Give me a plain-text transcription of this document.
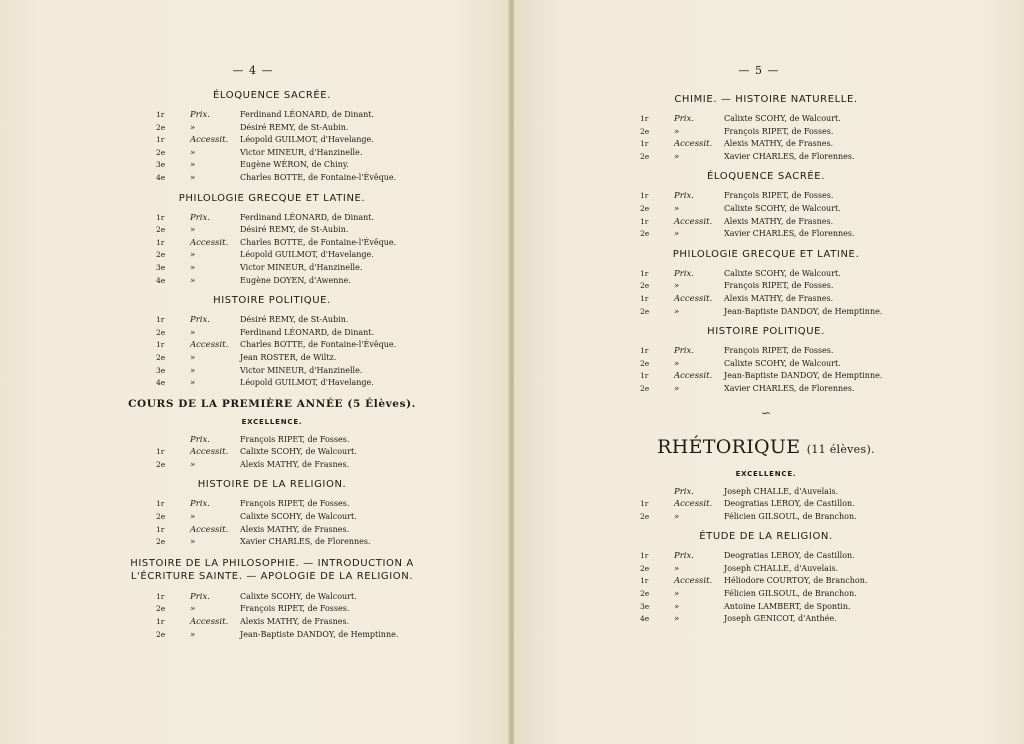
— 4 —
ÉLOQUENCE SACRÉE.
1r	Prix.	Ferdinand LÉONARD, de Dinant.
2e	»	Désiré REMY, de St-Aubin.
1r	Accessit.	Léopold GUILMOT, d'Havelange.
2e	»	Victor MINEUR, d'Hanzinelle.
3e	»	Eugène WÉRON, de Chiny.
4e	»	Charles BOTTE, de Fontaine-l'Évêque.
PHILOLOGIE GRECQUE ET LATINE.
1r	Prix.	Ferdinand LÉONARD, de Dinant.
2e	»	Désiré REMY, de St-Aubin.
1r	Accessit.	Charles BOTTE, de Fontaine-l'Évêque.
2e	»	Léopold GUILMOT, d'Havelange.
3e	»	Victor MINEUR, d'Hanzinelle.
4e	»	Eugène DOYEN, d'Awenne.
HISTOIRE POLITIQUE.
1r	Prix.	Désiré REMY, de St-Aubin.
2e	»	Ferdinand LÉONARD, de Dinant.
1r	Accessit.	Charles BOTTE, de Fontaine-l'Évêque.
2e	»	Jean ROSTER, de Wiltz.
3e	»	Victor MINEUR, d'Hanzinelle.
4e	»	Léopold GUILMOT, d'Havelange.
COURS DE LA PREMIÈRE ANNÉE (5 Élèves).
EXCELLENCE.
Prix.	François RIPET, de Fosses.
1r	Accessit.	Calixte SCOHY, de Walcourt.
2e	»	Alexis MATHY, de Frasnes.
HISTOIRE DE LA RELIGION.
1r	Prix.	François RIPET, de Fosses.
2e	»	Calixte SCOHY, de Walcourt.
1r	Accessit.	Alexis MATHY, de Frasnes.
2e	»	Xavier CHARLES, de Florennes.
HISTOIRE DE LA PHILOSOPHIE. — INTRODUCTION A L'ÉCRITURE SAINTE. — APOLOGIE DE LA RELIGION.
1r	Prix.	Calixte SCOHY, de Walcourt.
2e	»	François RIPET, de Fosses.
1r	Accessit.	Alexis MATHY, de Frasnes.
2e	»	Jean-Baptiste DANDOY, de Hemptinne.
— 5 —
CHIMIE. — HISTOIRE NATURELLE.
1r	Prix.	Calixte SCOHY, de Walcourt.
2e	»	François RIPET, de Fosses.
1r	Accessit.	Alexis MATHY, de Frasnes.
2e	»	Xavier CHARLES, de Florennes.
ÉLOQUENCE SACRÉE.
1r	Prix.	François RIPET, de Fosses.
2e	»	Calixte SCOHY, de Walcourt.
1r	Accessit.	Alexis MATHY, de Frasnes.
2e	»	Xavier CHARLES, de Florennes.
PHILOLOGIE GRECQUE ET LATINE.
1r	Prix.	Calixte SCOHY, de Walcourt.
2e	»	François RIPET, de Fosses.
1r	Accessit.	Alexis MATHY, de Frasnes.
2e	»	Jean-Baptiste DANDOY, de Hemptinne.
HISTOIRE POLITIQUE.
1r	Prix.	François RIPET, de Fosses.
2e	»	Calixte SCOHY, de Walcourt.
1r	Accessit.	Jean-Baptiste DANDOY, de Hemptinne.
2e	»	Xavier CHARLES, de Florennes.
∽
RHÉTORIQUE (11 élèves).
EXCELLENCE.
Prix.	Joseph CHALLE, d'Auvelais.
1r	Accessit.	Deogratias LEROY, de Castillon.
2e	»	Félicien GILSOUL, de Branchon.
ÉTUDE DE LA RELIGION.
1r	Prix.	Deogratias LEROY, de Castillon.
2e	»	Joseph CHALLE, d'Auvelais.
1r	Accessit.	Héliodore COURTOY, de Branchon.
2e	»	Félicien GILSOUL, de Branchon.
3e	»	Antoine LAMBERT, de Spontin.
4e	»	Joseph GENICOT, d'Anthée.
